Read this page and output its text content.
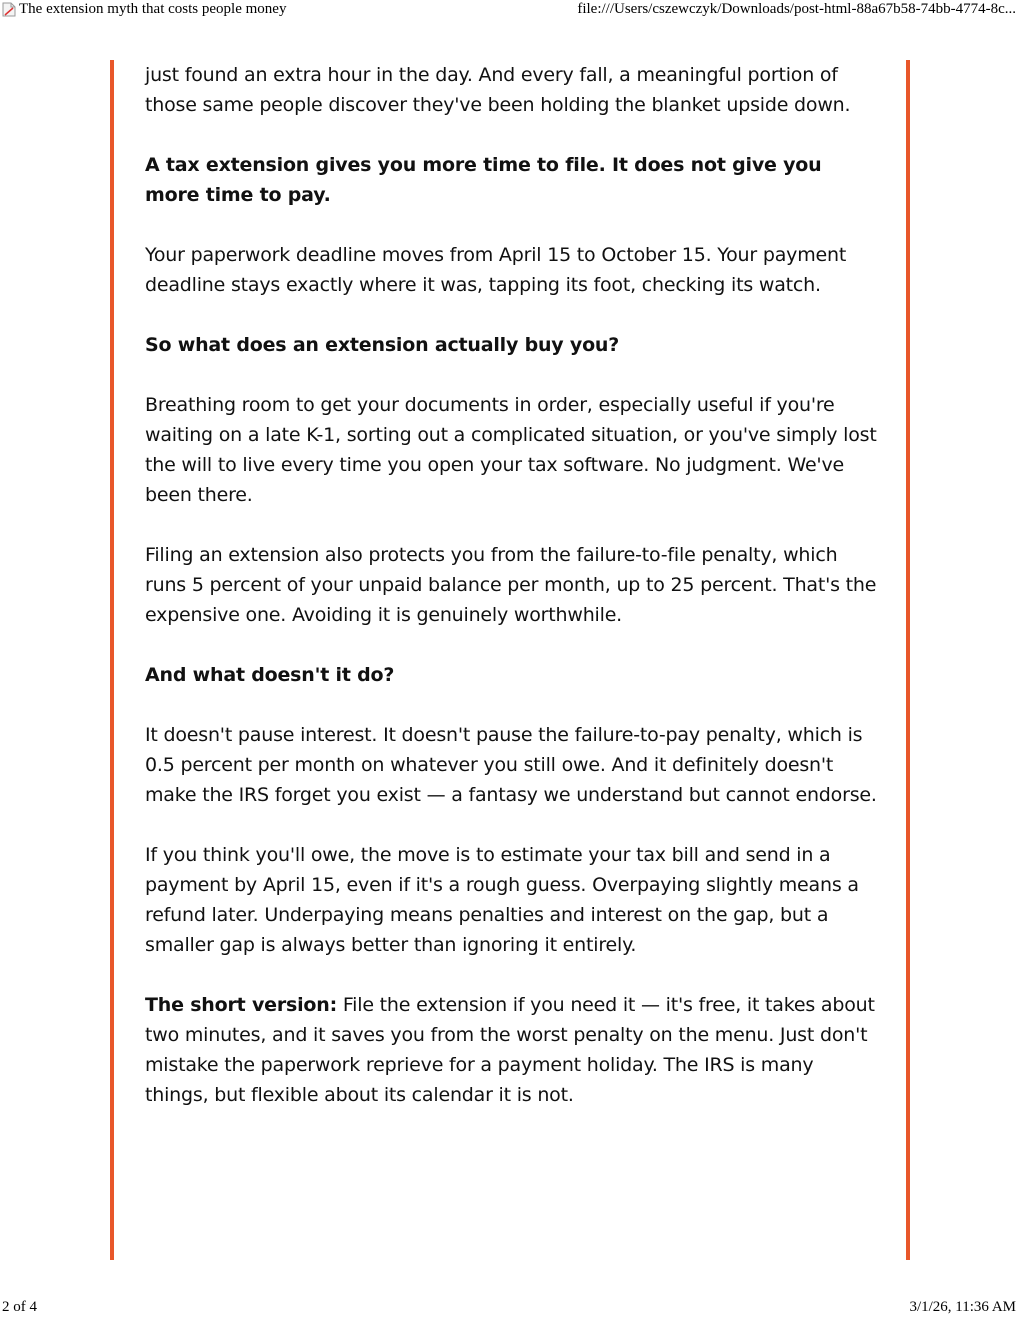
The extension myth that costs people money	file:///Users/cszewczyk/Downloads/post-html-88a67b58-74bb-4774-8c...

just found an extra hour in the day. And every fall, a meaningful portion of those same people discover they've been holding the blanket upside down.

A tax extension gives you more time to file. It does not give you more time to pay.

Your paperwork deadline moves from April 15 to October 15. Your payment deadline stays exactly where it was, tapping its foot, checking its watch.

So what does an extension actually buy you?

Breathing room to get your documents in order, especially useful if you're waiting on a late K-1, sorting out a complicated situation, or you've simply lost the will to live every time you open your tax software. No judgment. We've been there.

Filing an extension also protects you from the failure-to-file penalty, which runs 5 percent of your unpaid balance per month, up to 25 percent. That's the expensive one. Avoiding it is genuinely worthwhile.

And what doesn't it do?

It doesn't pause interest. It doesn't pause the failure-to-pay penalty, which is 0.5 percent per month on whatever you still owe. And it definitely doesn't make the IRS forget you exist — a fantasy we understand but cannot endorse.

If you think you'll owe, the move is to estimate your tax bill and send in a payment by April 15, even if it's a rough guess. Overpaying slightly means a refund later. Underpaying means penalties and interest on the gap, but a smaller gap is always better than ignoring it entirely.

The short version: File the extension if you need it — it's free, it takes about two minutes, and it saves you from the worst penalty on the menu. Just don't mistake the paperwork reprieve for a payment holiday. The IRS is many things, but flexible about its calendar it is not.

2 of 4	3/1/26, 11:36 AM
